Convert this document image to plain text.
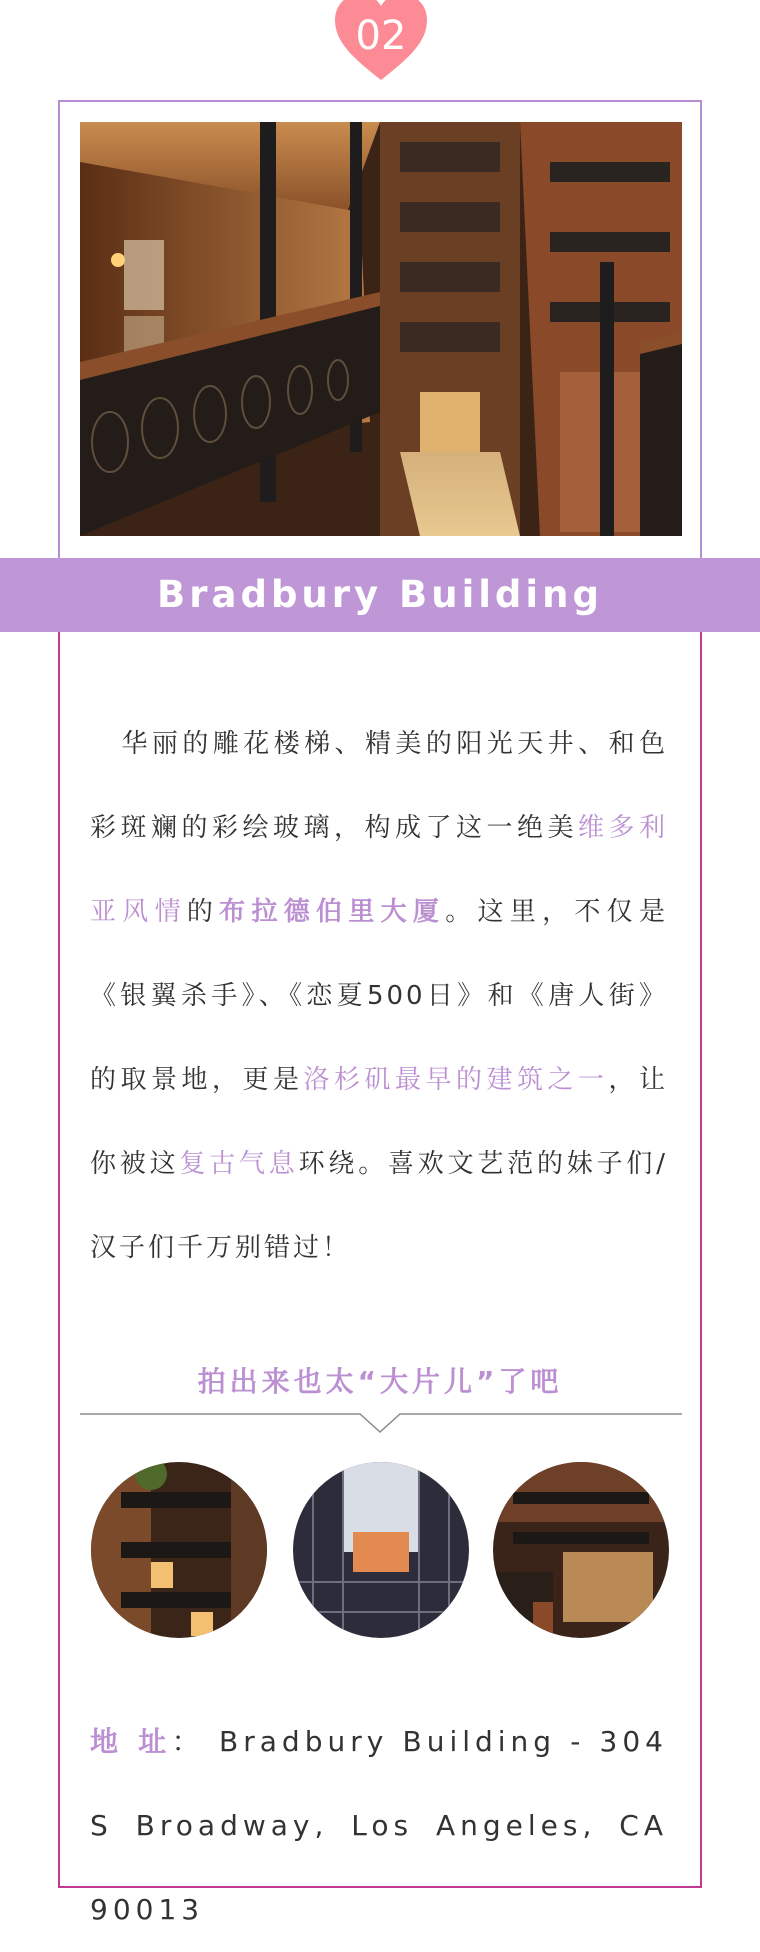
02
Bradbury Building
华丽的雕花楼梯、精美的阳光天井、和色彩斑斓的彩绘玻璃，构成了这一绝美维多利亚风情的布拉德伯里大厦。这里，不仅是《银翼杀手》、《恋夏500日》和《唐人街》的取景地，更是洛杉矶最早的建筑之一，让你被这复古气息环绕。喜欢文艺范的妹子们/汉子们千万别错过！
拍出来也太“大片儿”了吧
地 址： Bradbury Building - 304 S Broadway, Los Angeles, CA 90013
